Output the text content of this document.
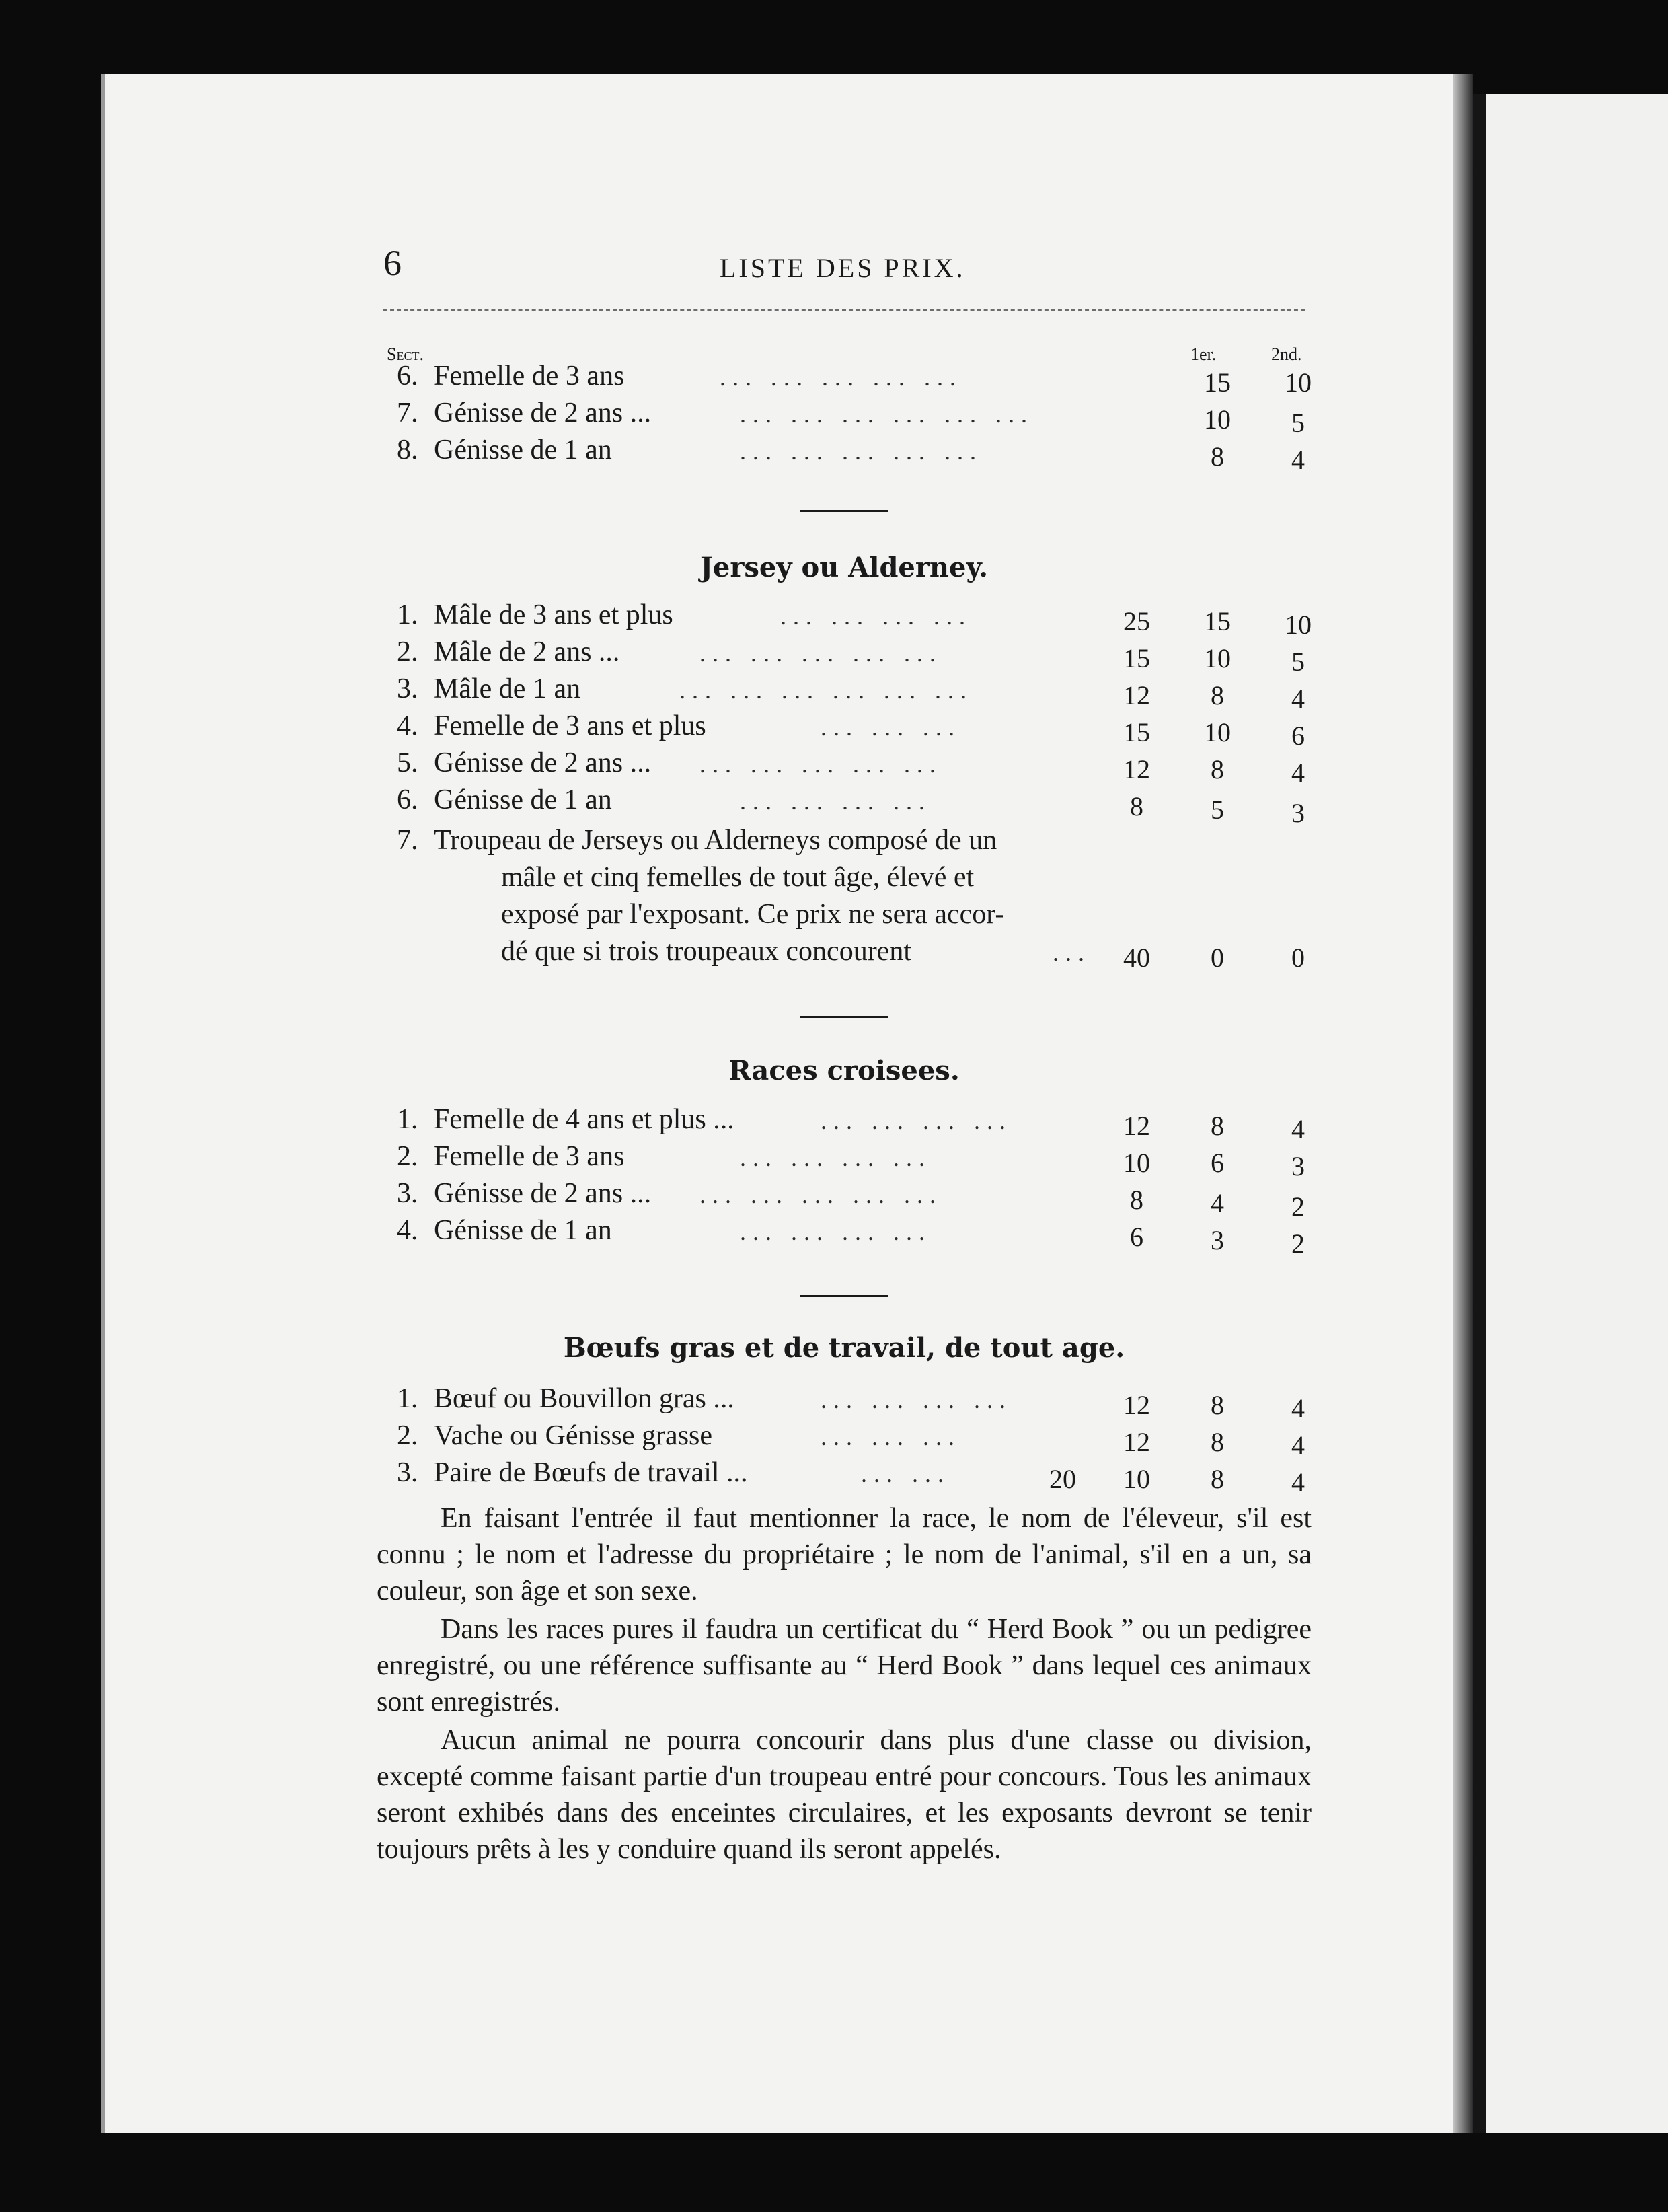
6	LISTE DES PRIX.
Sect.	1er.	2nd.
6. Femelle de 3 ans	... ... ... ... ...	15	10
7. Génisse de 2 ans ...	... ... ... ... ... ...	10	5
8. Génisse de 1 an	... ... ... ... ...	8	4
Jersey ou Alderney.
1. Mâle de 3 ans et plus	... ... ... ...	25	15	10
2. Mâle de 2 ans ...	... ... ... ... ...	15	10	5
3. Mâle de 1 an	... ... ... ... ... ...	12	8	4
4. Femelle de 3 ans et plus	... ... ...	15	10	6
5. Génisse de 2 ans ... ... ... ... ... ...	12	8	4
6. Génisse de 1 an	... ... ... ...	8	5	3
7. Troupeau de Jerseys ou Alderneys composé de un
mâle et cinq femelles de tout âge, élevé et
exposé par l'exposant. Ce prix ne sera accor-
dé que si trois troupeaux concourent	...	40	0	0
Races croisees.
1. Femelle de 4 ans et plus ...	... ... ... ...	12	8	4
2. Femelle de 3 ans	... ... ... ...	10	6	3
3. Génisse de 2 ans ... ... ... ... ... ...	8	4	2
4. Génisse de 1 an	... ... ... ...	6	3	2
Bœufs gras et de travail, de tout age.
1. Bœuf ou Bouvillon gras ...	... ... ... ...	12	8	4
2. Vache ou Génisse grasse	... ... ...	12	8	4
3. Paire de Bœufs de travail ...	... ...	20	10	8	4
En faisant l'entrée il faut mentionner la race, le nom de l'éleveur, s'il est connu ; le nom et l'adresse du propriétaire ; le nom de l'animal, s'il en a un, sa couleur, son âge et son sexe.
Dans les races pures il faudra un certificat du “ Herd Book ” ou un pedigree enregistré, ou une référence suffisante au “ Herd Book ” dans lequel ces animaux sont enregistrés.
Aucun animal ne pourra concourir dans plus d'une classe ou division, excepté comme faisant partie d'un troupeau entré pour concours. Tous les animaux seront exhibés dans des enceintes circulaires, et les exposants devront se tenir toujours prêts à les y conduire quand ils seront appelés.
